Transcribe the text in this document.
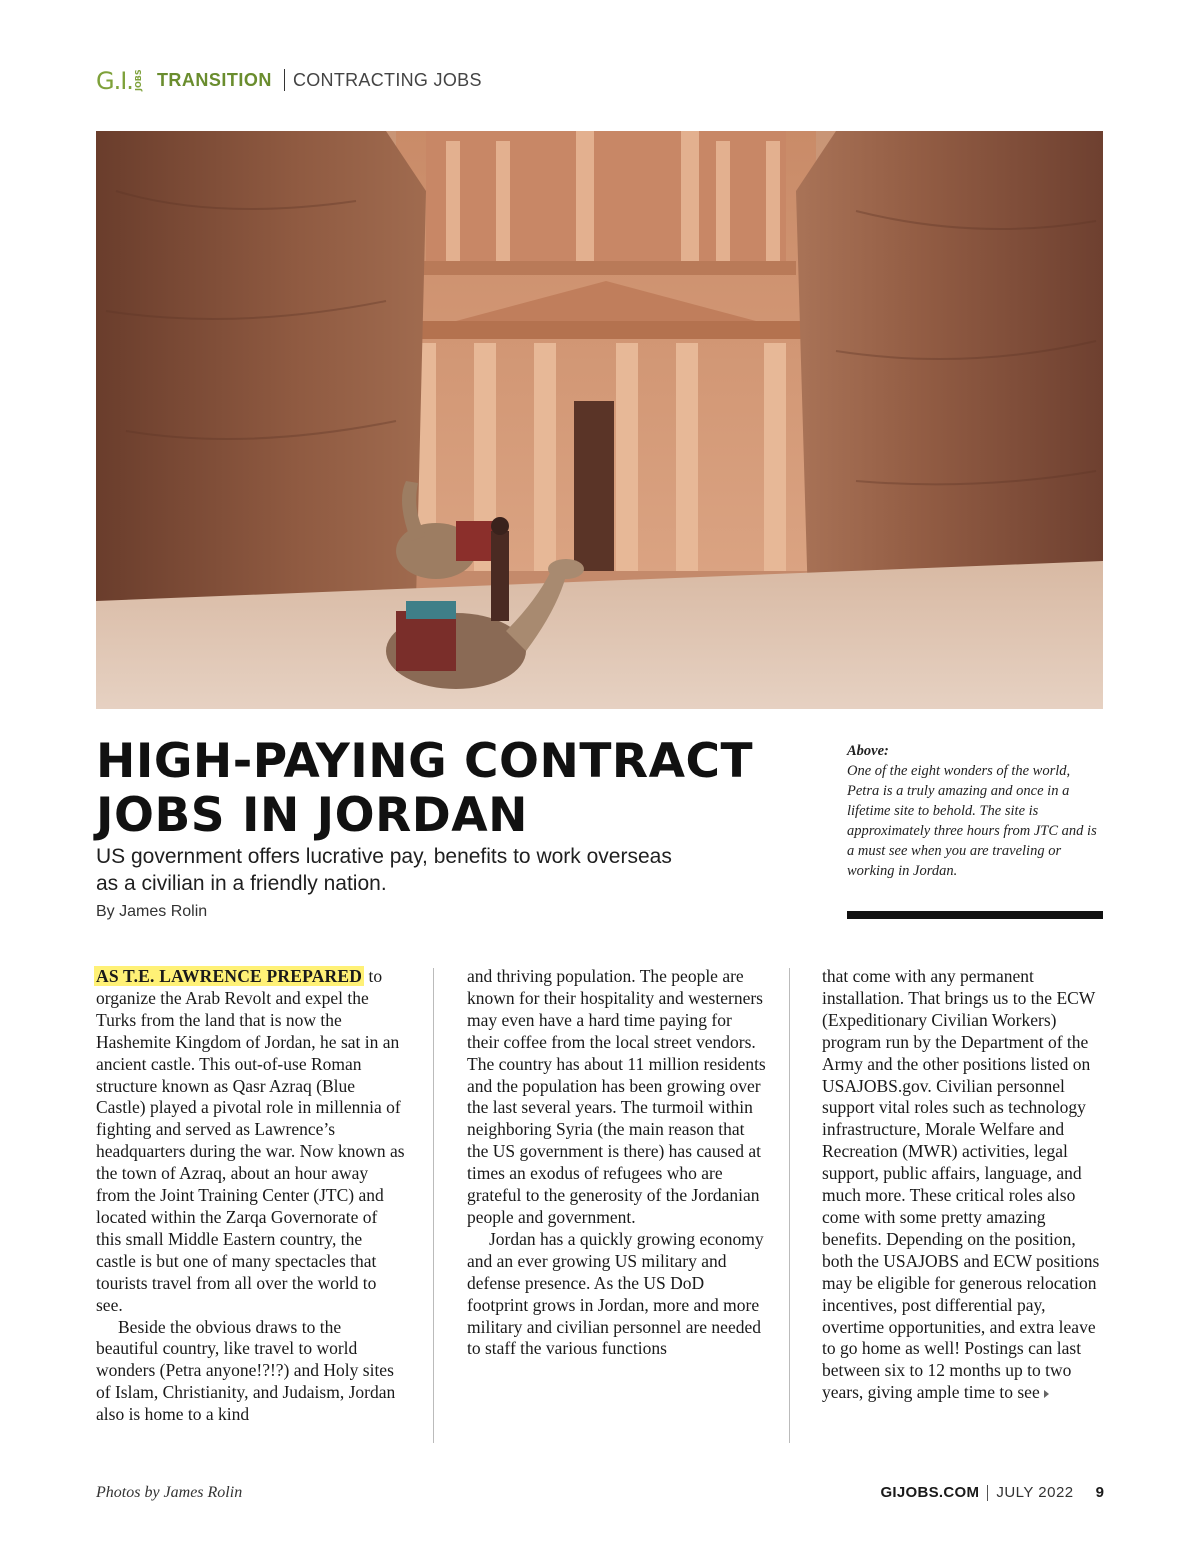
G.I. JOBS TRANSITION CONTRACTING JOBS
HIGH-PAYING CONTRACT
JOBS IN JORDAN
US government offers lucrative pay, benefits to work overseas as a civilian in a friendly nation.
By James Rolin
Above:
One of the eight wonders of the world, Petra is a truly amazing and once in a lifetime site to behold. The site is approximately three hours from JTC and is a must see when you are traveling or working in Jordan.

AS T.E. LAWRENCE PREPARED to organize the Arab Revolt and expel the Turks from the land that is now the Hashemite Kingdom of Jordan, he sat in an ancient castle. This out-of-use Roman structure known as Qasr Azraq (Blue Castle) played a pivotal role in millennia of fighting and served as Lawrence’s headquarters during the war. Now known as the town of Azraq, about an hour away from the Joint Training Center (JTC) and located within the Zarqa Governorate of this small Middle Eastern country, the castle is but one of many spectacles that tourists travel from all over the world to see.

Beside the obvious draws to the beautiful country, like travel to world wonders (Petra anyone!?!?) and Holy sites of Islam, Christianity, and Judaism, Jordan also is home to a kind

and thriving population. The people are known for their hospitality and westerners may even have a hard time paying for their coffee from the local street vendors. The country has about 11 million residents and the population has been growing over the last several years. The turmoil within neighboring Syria (the main reason that the US government is there) has caused at times an exodus of refugees who are grateful to the generosity of the Jordanian people and government.

Jordan has a quickly growing economy and an ever growing US military and defense presence. As the US DoD footprint grows in Jordan, more and more military and civilian personnel are needed to staff the various functions

that come with any permanent installation. That brings us to the ECW (Expeditionary Civilian Workers) program run by the Department of the Army and the other positions listed on USAJOBS.gov. Civilian personnel support vital roles such as technology infrastructure, Morale Welfare and Recreation (MWR) activities, legal support, public affairs, language, and much more. These critical roles also come with some pretty amazing benefits. Depending on the position, both the USAJOBS and ECW positions may be eligible for generous relocation incentives, post differential pay, overtime opportunities, and extra leave to go home as well! Postings can last between six to 12 months up to two years, giving ample time to see

Photos by James Rolin	GIJOBS.COM JULY 2022 9
